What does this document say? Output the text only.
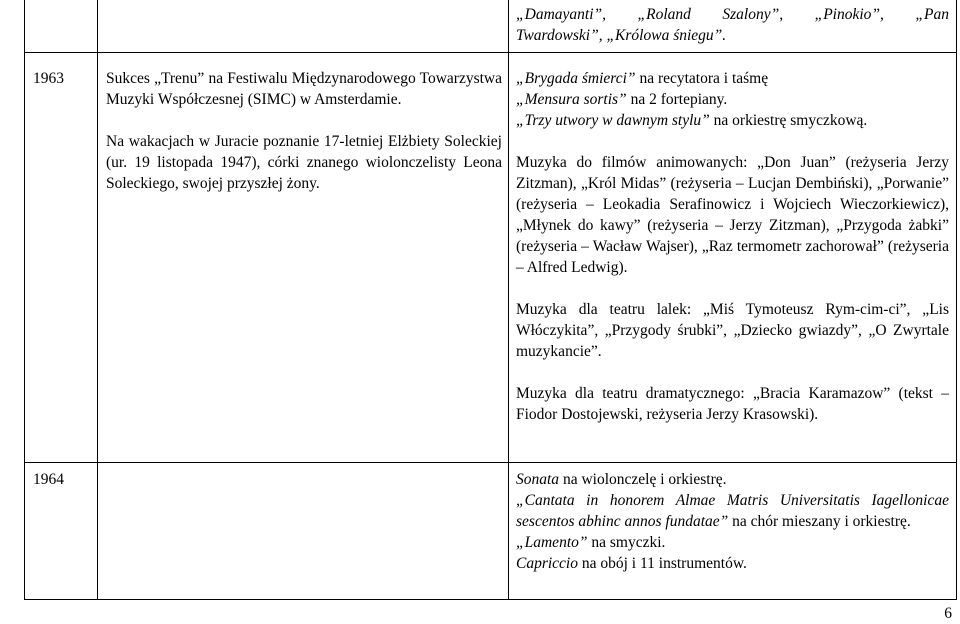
„Damayanti”, „Roland Szalony”, „Pinokio”, „Pan

Twardowski”, „Królowa śniegu”.

1963	Sukces „Trenu” na Festiwalu Międzynarodowego Towarzystwa Muzyki Współczesnej (SIMC) w Amsterdamie.

Na wakacjach w Juracie poznanie 17-letniej Elżbiety Soleckiej (ur. 19 listopada 1947), córki znanego wiolonczelisty Leona Soleckiego, swojej przyszłej żony.

„Brygada śmierci” na recytatora i taśmę

„Mensura sortis” na 2 fortepiany.

„Trzy utwory w dawnym stylu” na orkiestrę smyczkową.

Muzyka do filmów animowanych: „Don Juan” (reżyseria Jerzy Zitzman), „Król Midas” (reżyseria – Lucjan Dembiński), „Porwanie” (reżyseria – Leokadia Serafinowicz i Wojciech Wieczorkiewicz), „Młynek do kawy” (reżyseria – Jerzy Zitzman), „Przygoda żabki” (reżyseria – Wacław Wajser), „Raz termometr zachorował” (reżyseria – Alfred Ledwig).

Muzyka dla teatru lalek: „Miś Tymoteusz Rym-cim-ci”, „Lis Włóczykita”, „Przygody śrubki”, „Dziecko gwiazdy”, „O Zwyrtale muzykancie”.

Muzyka dla teatru dramatycznego: „Bracia Karamazow” (tekst – Fiodor Dostojewski, reżyseria Jerzy Krasowski).

1964	Sonata na wiolonczelę i orkiestrę.

„Cantata in honorem Almae Matris Universitatis Iagellonicae sescentos abhinc annos fundatae” na chór mieszany i orkiestrę.

„Lamento” na smyczki.

Capriccio na obój i 11 instrumentów.

6
